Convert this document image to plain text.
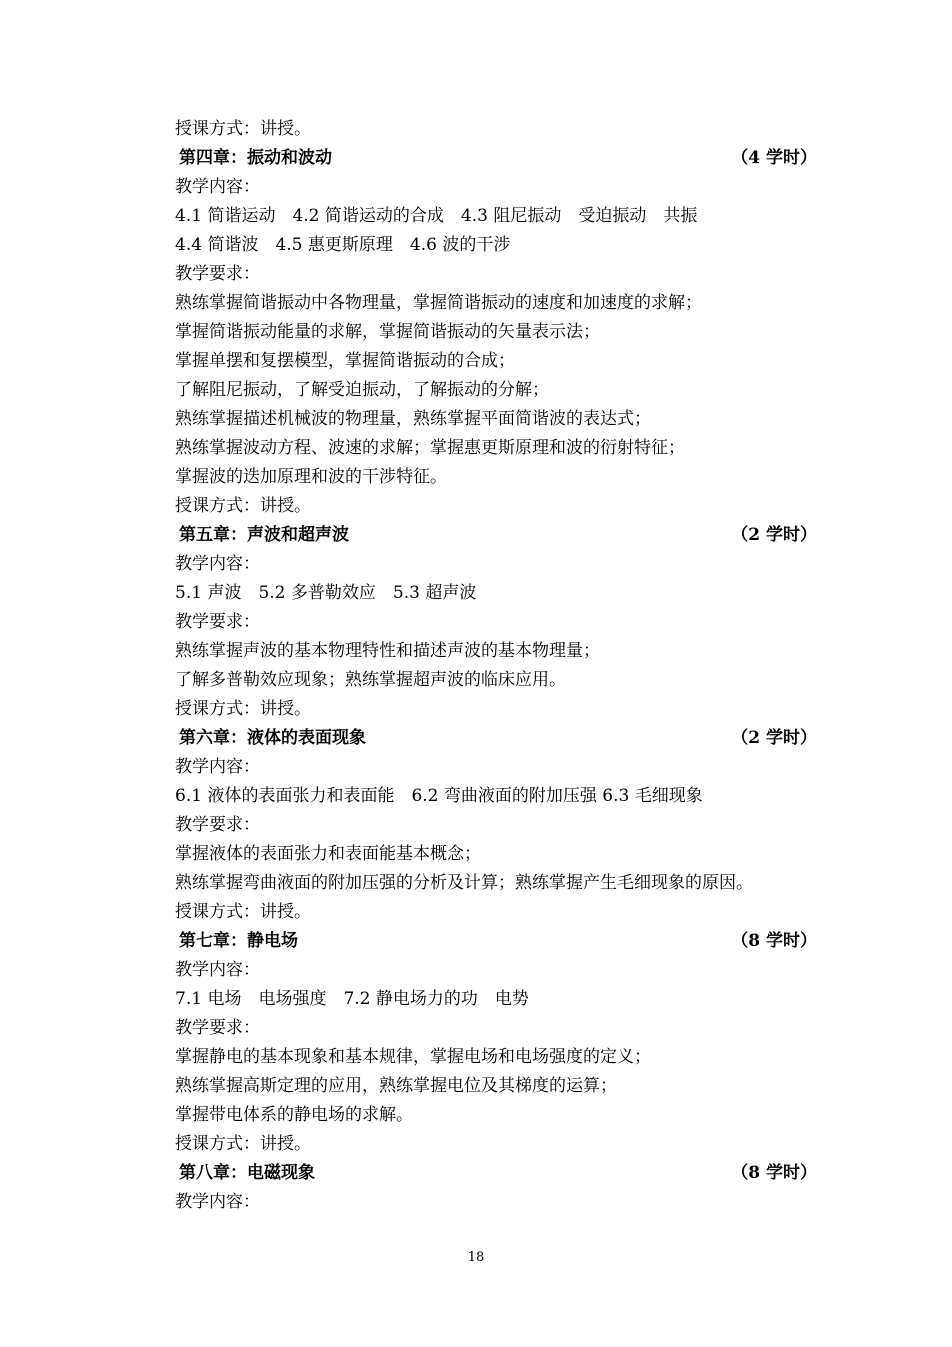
授课方式：讲授。
第四章：振动和波动	（4 学时）
教学内容：
4.1 简谐运动　4.2 简谐运动的合成　4.3 阻尼振动　受迫振动　共振
4.4 简谐波　4.5 惠更斯原理　4.6 波的干涉
教学要求：
熟练掌握简谐振动中各物理量，掌握简谐振动的速度和加速度的求解；
掌握简谐振动能量的求解，掌握简谐振动的矢量表示法；
掌握单摆和复摆模型，掌握简谐振动的合成；
了解阻尼振动，了解受迫振动，了解振动的分解；
熟练掌握描述机械波的物理量，熟练掌握平面简谐波的表达式；
熟练掌握波动方程、波速的求解；掌握惠更斯原理和波的衍射特征；
掌握波的迭加原理和波的干涉特征。
授课方式：讲授。
第五章：声波和超声波	（2 学时）
教学内容：
5.1 声波　5.2 多普勒效应　5.3 超声波
教学要求：
熟练掌握声波的基本物理特性和描述声波的基本物理量；
了解多普勒效应现象；熟练掌握超声波的临床应用。
授课方式：讲授。
第六章：液体的表面现象	（2 学时）
教学内容：
6.1 液体的表面张力和表面能　6.2 弯曲液面的附加压强 6.3 毛细现象
教学要求：
掌握液体的表面张力和表面能基本概念；
熟练掌握弯曲液面的附加压强的分析及计算；熟练掌握产生毛细现象的原因。
授课方式：讲授。
第七章：静电场	（8 学时）
教学内容：
7.1 电场　电场强度　7.2 静电场力的功　电势
教学要求：
掌握静电的基本现象和基本规律，掌握电场和电场强度的定义；
熟练掌握高斯定理的应用，熟练掌握电位及其梯度的运算；
掌握带电体系的静电场的求解。
授课方式：讲授。
第八章：电磁现象	（8 学时）
教学内容：
18
